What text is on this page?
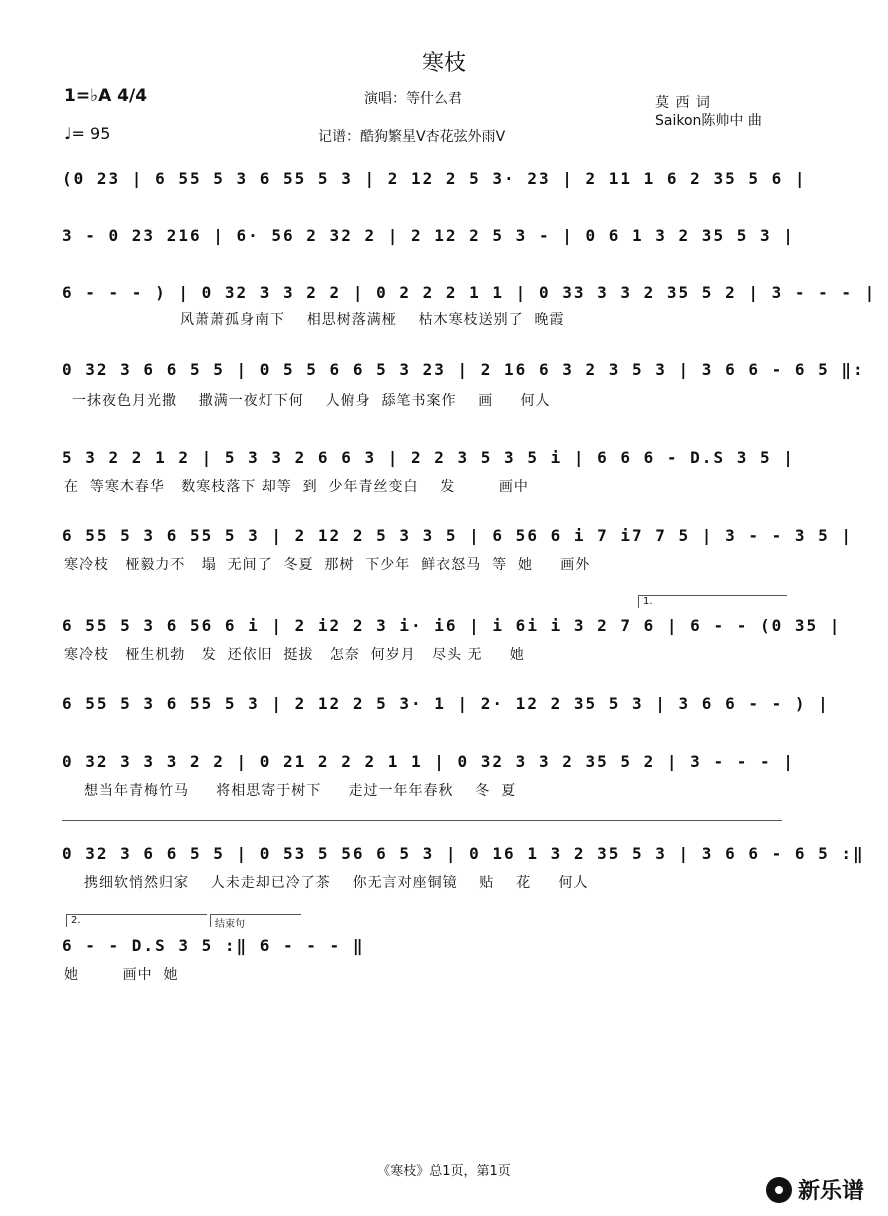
寒枝
1=♭A 4/4
♩= 95
演唱：等什么君
记谱：酷狗繁星V杏花弦外雨V
莫 西 词
Saikon陈帅中 曲
(0 23 | 6 55 5 3 6 55 5 3 | 2 12 2 5 3· 23 | 2 11 1 6 2 35 5 6 |
3 - 0 23 216 | 6· 56 2 32 2 | 2 12 2 5 3 - | 0 6 1 3 2 35 5 3 |
6 - - - ) | 0 32 3 3 2 2 | 0 2 2 2 1 1 | 0 33 3 3 2 35 5 2 | 3 - - - |
风萧萧孤身南下    相思树落满桠    枯木寒枝送别了  晚霞
0 32 3 6 6 5 5 | 0 5 5 6 6 5 3 23 | 2 16 6 3 2 3 5 3 | 3 6 6 - 6 5 ‖:
一抹夜色月光撒    撒满一夜灯下何    人俯身  舔笔书案作    画     何人
5 3 2 2 1 2 | 5 3 3 2 6 6 3 | 2 2 3 5 3 5 i | 6 6 6 - D.S 3 5 |
在  等寒木春华   数寒枝落下 却等  到  少年青丝变白    发        画中
6 55 5 3 6 55 5 3 | 2 12 2 5 3 3 5 | 6 56 6 i 7 i7 7 5 | 3 - - 3 5 |
寒冷枝   桠毅力不   塌  无间了  冬夏  那树  下少年  鲜衣怒马  等  她     画外
1.
6 55 5 3 6 56 6 i | 2 i2 2 3 i· i6 | i 6i i 3 2 7 6 | 6 - - (0 35 |
寒冷枝   桠生机勃   发  还依旧  挺拔   怎奈  何岁月   尽头 无     她
6 55 5 3 6 55 5 3 | 2 12 2 5 3· 1 | 2· 12 2 35 5 3 | 3 6 6 - - ) |
0 32 3 3 3 2 2 | 0 21 2 2 2 1 1 | 0 32 3 3 2 35 5 2 | 3 - - - |
想当年青梅竹马     将相思寄于树下     走过一年年春秋    冬  夏
0 32 3 6 6 5 5 | 0 53 5 56 6 5 3 | 0 16 1 3 2 35 5 3 | 3 6 6 - 6 5 :‖
携细软悄然归家    人未走却已冷了茶    你无言对座铜镜    贴    花     何人
2.	结束句
6 - - D.S 3 5 :‖ 6 - - - ‖
她        画中  她
《寒枝》总1页，第1页
新乐谱
